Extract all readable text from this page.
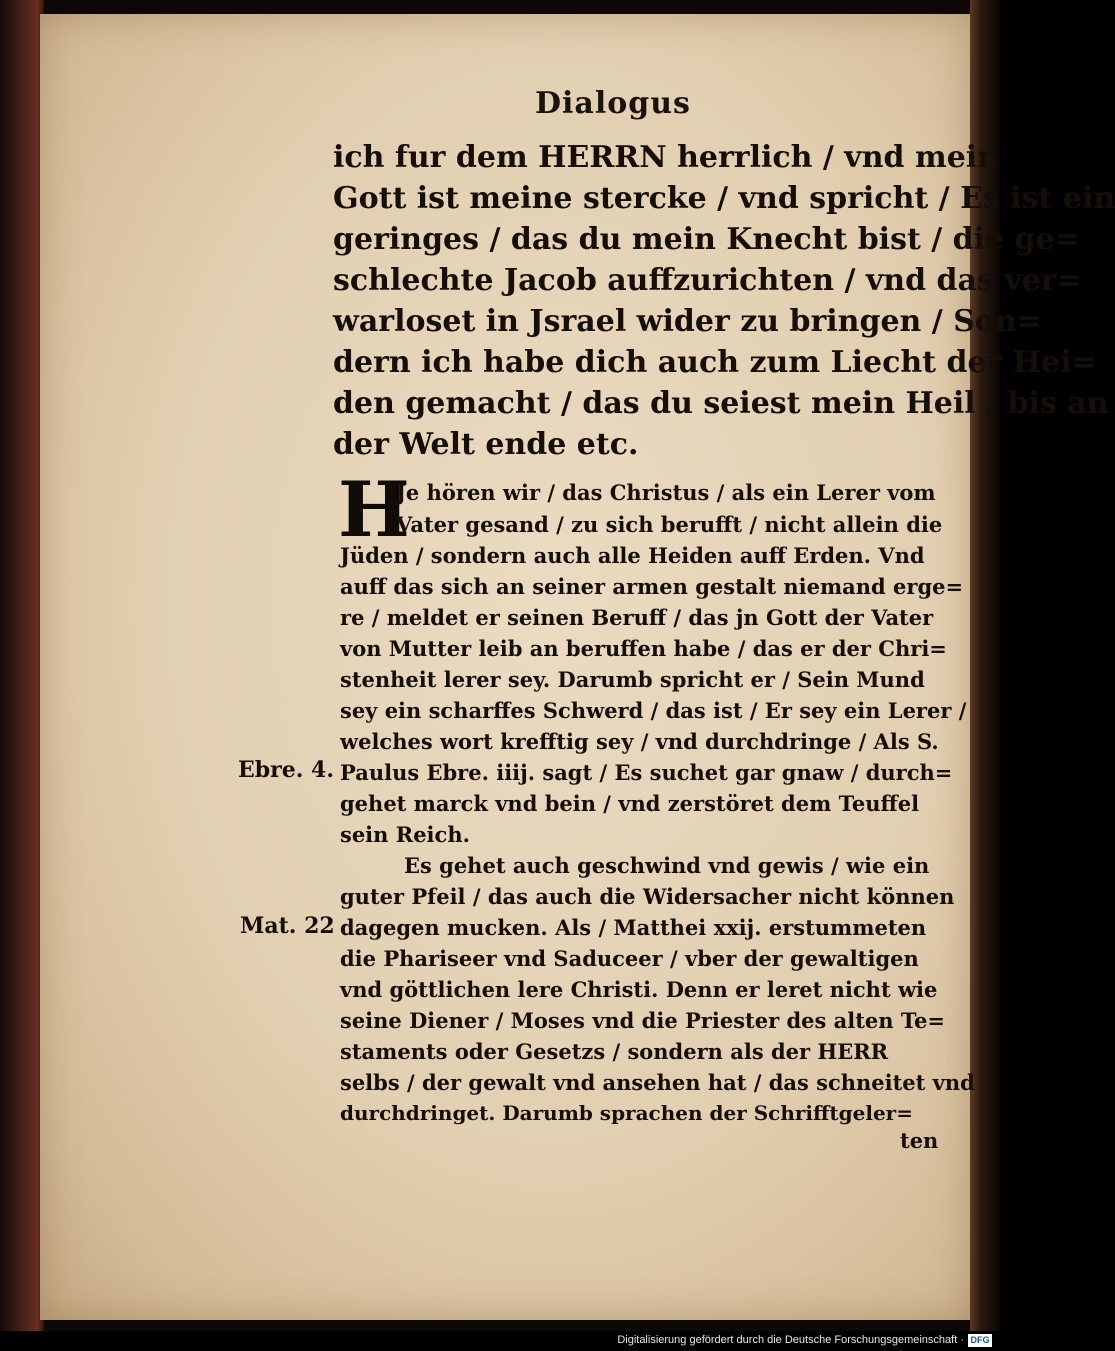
Dialogus
ich fur dem HERRN herrlich / vnd mein
Gott ist meine stercke / vnd spricht / Es ist ein
geringes / das du mein Knecht bist / die ge=
schlechte Jacob auffzurichten / vnd das ver=
warloset in Jsrael wider zu bringen / Son=
dern ich habe dich auch zum Liecht der Hei=
den gemacht / das du seiest mein Heil / bis an
der Welt ende etc.
H
Je hören wir / das Christus / als ein Lerer vom
Vater gesand / zu sich berufft / nicht allein die
Jüden / sondern auch alle Heiden auff Erden. Vnd
auff das sich an seiner armen gestalt niemand erge=
re / meldet er seinen Beruff / das jn Gott der Vater
von Mutter leib an beruffen habe / das er der Chri=
stenheit lerer sey. Darumb spricht er / Sein Mund
sey ein scharffes Schwerd / das ist / Er sey ein Lerer /
welches wort krefftig sey / vnd durchdringe / Als S.
Paulus Ebre. iiij. sagt / Es suchet gar gnaw / durch=
gehet marck vnd bein / vnd zerstöret dem Teuffel
sein Reich.
Es gehet auch geschwind vnd gewis / wie ein
guter Pfeil / das auch die Widersacher nicht können
dagegen mucken. Als / Matthei xxij. erstummeten
die Phariseer vnd Saduceer / vber der gewaltigen
vnd göttlichen lere Christi. Denn er leret nicht wie
seine Diener / Moses vnd die Priester des alten Te=
staments oder Gesetzs / sondern als der HERR
selbs / der gewalt vnd ansehen hat / das schneitet vnd
durchdringet. Darumb sprachen der Schrifftgeler=
ten
Ebre. 4.
Mat. 22
Digitalisierung gefördert durch die Deutsche Forschungsgemeinschaft · DFG
